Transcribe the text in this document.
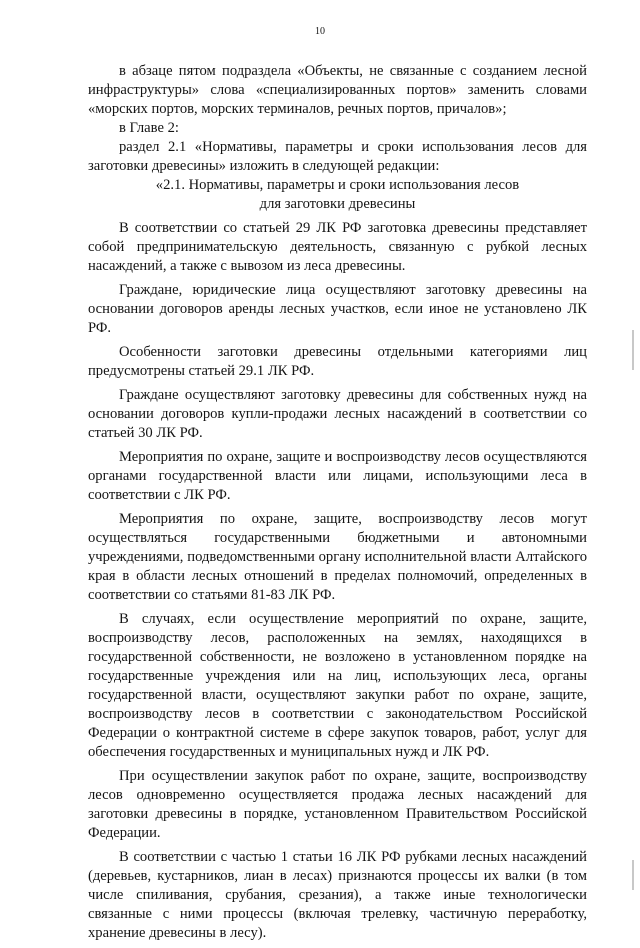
10

в абзаце пятом подраздела «Объекты, не связанные с созданием лесной инфраструктуры» слова «специализированных портов» заменить словами «морских портов, морских терминалов, речных портов, причалов»;

в Главе 2:

раздел 2.1 «Нормативы, параметры и сроки использования лесов для заготовки древесины» изложить в следующей редакции:

«2.1. Нормативы, параметры и сроки использования лесов

для заготовки древесины

В соответствии со статьей 29 ЛК РФ заготовка древесины представляет собой предпринимательскую деятельность, связанную с рубкой лесных насаждений, а также с вывозом из леса древесины.

Граждане, юридические лица осуществляют заготовку древесины на основании договоров аренды лесных участков, если иное не установлено ЛК РФ.

Особенности заготовки древесины отдельными категориями лиц предусмотрены статьей 29.1 ЛК РФ.

Граждане осуществляют заготовку древесины для собственных нужд на основании договоров купли-продажи лесных насаждений в соответствии со статьей 30 ЛК РФ.

Мероприятия по охране, защите и воспроизводству лесов осуществляются органами государственной власти или лицами, использующими леса в соответствии с ЛК РФ.

Мероприятия по охране, защите, воспроизводству лесов могут осуществляться государственными бюджетными и автономными учреждениями, подведомственными органу исполнительной власти Алтайского края в области лесных отношений в пределах полномочий, определенных в соответствии со статьями 81-83 ЛК РФ.

В случаях, если осуществление мероприятий по охране, защите, воспроизводству лесов, расположенных на землях, находящихся в государственной собственности, не возложено в установленном порядке на государственные учреждения или на лиц, использующих леса, органы государственной власти, осуществляют закупки работ по охране, защите, воспроизводству лесов в соответствии с законодательством Российской Федерации о контрактной системе в сфере закупок товаров, работ, услуг для обеспечения государственных и муниципальных нужд и ЛК РФ.

При осуществлении закупок работ по охране, защите, воспроизводству лесов одновременно осуществляется продажа лесных насаждений для заготовки древесины в порядке, установленном Правительством Российской Федерации.

В соответствии с частью 1 статьи 16 ЛК РФ рубками лесных насаждений (деревьев, кустарников, лиан в лесах) признаются процессы их валки (в том числе спиливания, срубания, срезания), а также иные технологически связанные с ними процессы (включая трелевку, частичную переработку, хранение древесины в лесу).
